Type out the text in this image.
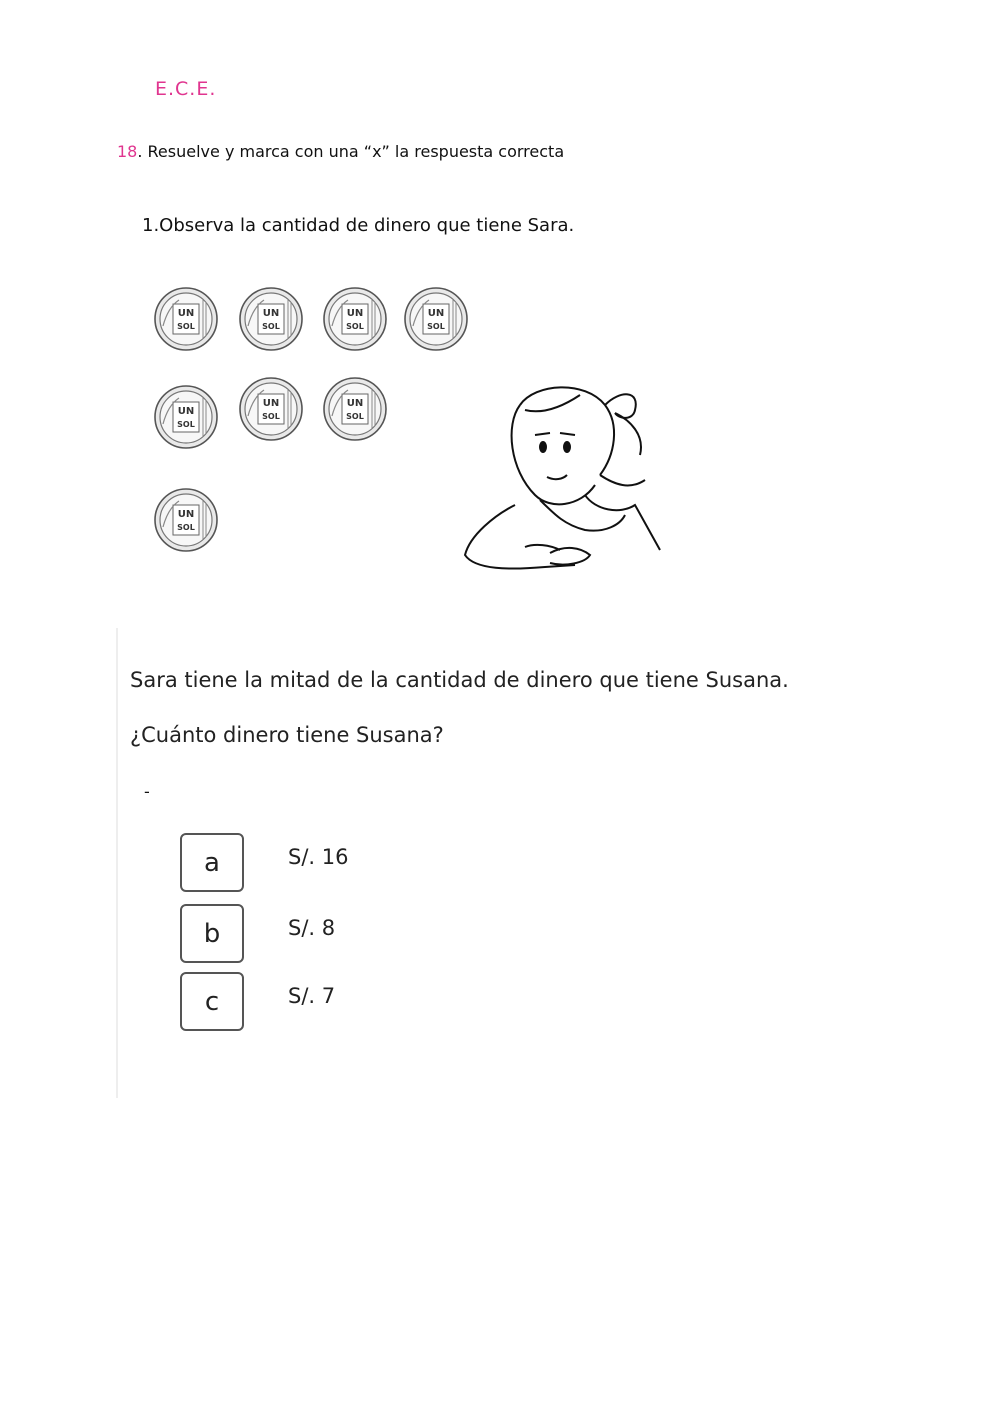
E.C.E.
18. Resuelve y marca con una “x” la respuesta correcta
1.Observa la cantidad de dinero que tiene Sara.
UN
SOL
UN
SOL
UN
SOL
UN
SOL
UN
SOL
UN
SOL
UN
SOL
UN
SOL
Sara tiene la mitad de la cantidad de dinero que tiene Susana.
¿Cuánto dinero tiene Susana?
-
a	S/. 16
b	S/. 8
c	S/. 7
